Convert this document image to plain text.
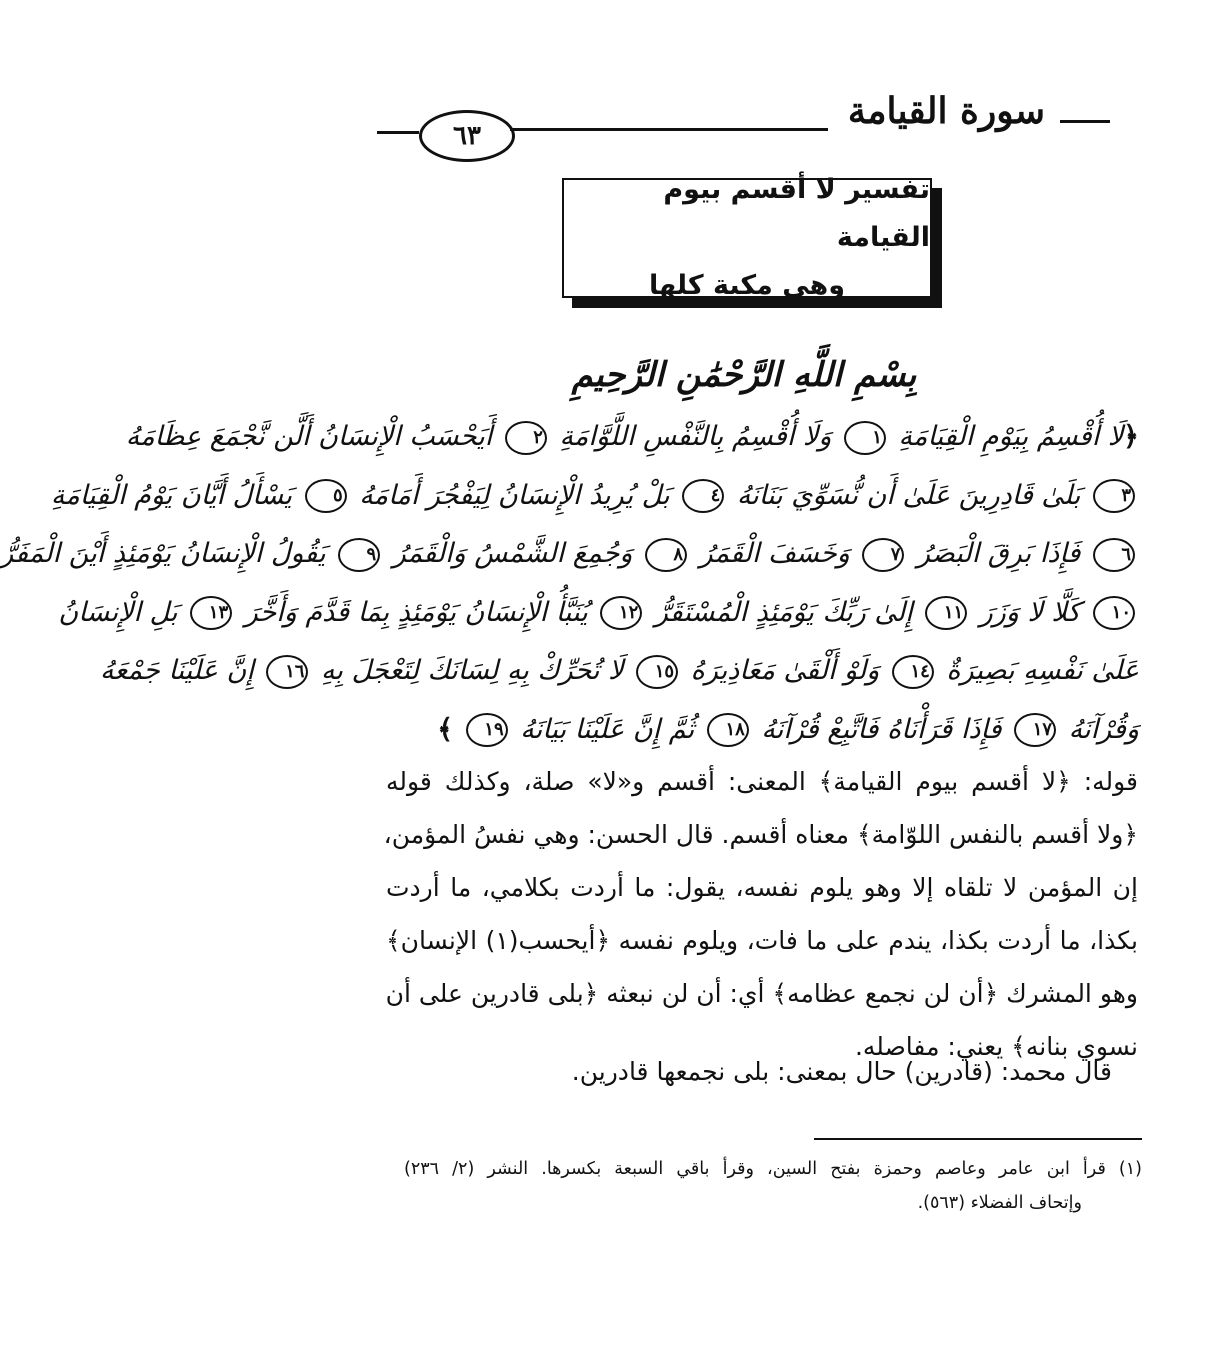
سورة القيامة
٦٣
تفسير لا أقسم بيوم القيامة
وهي مكية كلها
بِسْمِ اللَّهِ الرَّحْمَٰنِ الرَّحِيمِ
﴿لَا أُقْسِمُ بِيَوْمِ الْقِيَامَةِ ١ وَلَا أُقْسِمُ بِالنَّفْسِ اللَّوَّامَةِ ٢ أَيَحْسَبُ الْإِنسَانُ أَلَّن نَّجْمَعَ عِظَامَهُ
٣ بَلَىٰ قَادِرِينَ عَلَىٰ أَن نُّسَوِّيَ بَنَانَهُ ٤ بَلْ يُرِيدُ الْإِنسَانُ لِيَفْجُرَ أَمَامَهُ ٥ يَسْأَلُ أَيَّانَ يَوْمُ الْقِيَامَةِ
٦ فَإِذَا بَرِقَ الْبَصَرُ ٧ وَخَسَفَ الْقَمَرُ ٨ وَجُمِعَ الشَّمْسُ وَالْقَمَرُ ٩ يَقُولُ الْإِنسَانُ يَوْمَئِذٍ أَيْنَ الْمَفَرُّ
١٠ كَلَّا لَا وَزَرَ ١١ إِلَىٰ رَبِّكَ يَوْمَئِذٍ الْمُسْتَقَرُّ ١٢ يُنَبَّأُ الْإِنسَانُ يَوْمَئِذٍ بِمَا قَدَّمَ وَأَخَّرَ ١٣ بَلِ الْإِنسَانُ
عَلَىٰ نَفْسِهِ بَصِيرَةٌ ١٤ وَلَوْ أَلْقَىٰ مَعَاذِيرَهُ ١٥ لَا تُحَرِّكْ بِهِ لِسَانَكَ لِتَعْجَلَ بِهِ ١٦ إِنَّ عَلَيْنَا جَمْعَهُ
وَقُرْآنَهُ ١٧ فَإِذَا قَرَأْنَاهُ فَاتَّبِعْ قُرْآنَهُ ١٨ ثُمَّ إِنَّ عَلَيْنَا بَيَانَهُ ١٩ ﴾
قوله: ﴿لا أقسم بيوم القيامة﴾ المعنى: أقسم و«لا» صلة، وكذلك قوله
﴿ولا أقسم بالنفس اللوّامة﴾ معناه أقسم. قال الحسن: وهي نفسُ المؤمن،
إن المؤمن لا تلقاه إلا وهو يلوم نفسه، يقول: ما أردت بكلامي، ما أردت
بكذا، ما أردت بكذا، يندم على ما فات، ويلوم نفسه ﴿أيحسب(١) الإنسان﴾
وهو المشرك ﴿أن لن نجمع عظامه﴾ أي: أن لن نبعثه ﴿بلى قادرين على أن
نسوي بنانه﴾ يعني: مفاصله.
قال محمد: (قادرين) حال بمعنى: بلى نجمعها قادرين.
(١) قرأ ابن عامر وعاصم وحمزة بفتح السين، وقرأ باقي السبعة بكسرها. النشر (٢/ ٢٣٦)
وإتحاف الفضلاء (٥٦٣).
